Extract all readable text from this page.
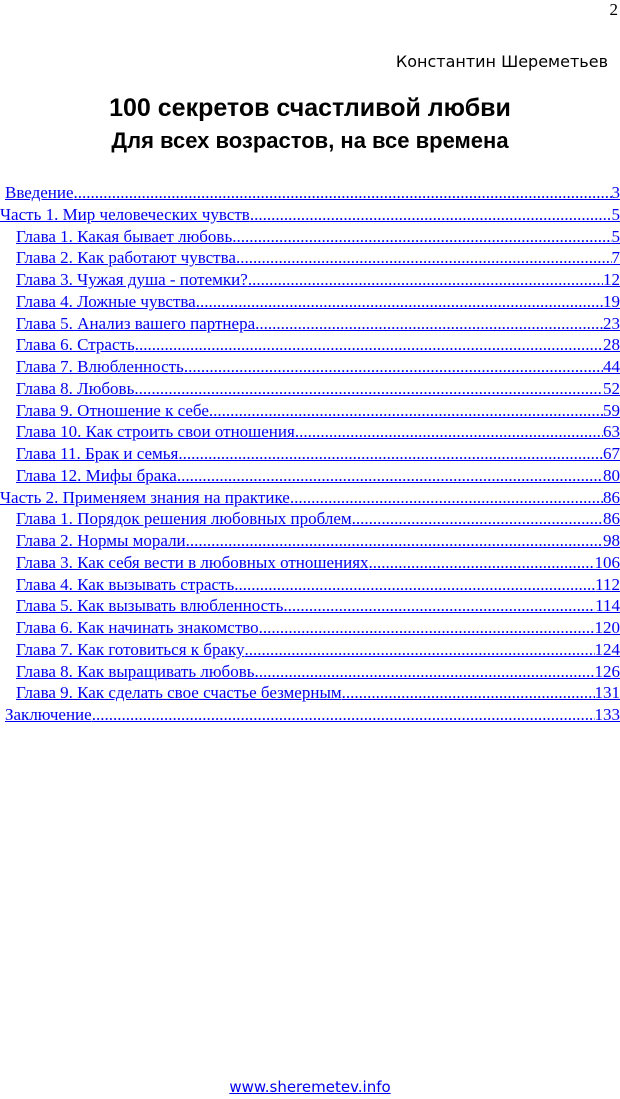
2
Константин Шереметьев
100 секретов счастливой любви
Для всех возрастов, на все времена
Введение .....	3
Часть 1. Мир человеческих чувств .....	5
Глава 1. Какая бывает любовь .....	5
Глава 2. Как работают чувства .....	7
Глава 3. Чужая душа - потемки? .....	12
Глава 4. Ложные чувства .....	19
Глава 5. Анализ вашего партнера .....	23
Глава 6. Страсть .....	28
Глава 7. Влюбленность .....	44
Глава 8. Любовь .....	52
Глава 9. Отношение к себе .....	59
Глава 10. Как строить свои отношения .....	63
Глава 11. Брак и семья .....	67
Глава 12. Мифы брака .....	80
Часть 2. Применяем знания на практике .....	86
Глава 1. Порядок решения любовных проблем .....	86
Глава 2. Нормы морали .....	98
Глава 3. Как себя вести в любовных отношениях .....	106
Глава 4. Как вызывать страсть .....	112
Глава 5. Как вызывать влюбленность .....	114
Глава 6. Как начинать знакомство .....	120
Глава 7. Как готовиться к браку .....	124
Глава 8. Как выращивать любовь .....	126
Глава 9. Как сделать свое счастье безмерным .....	131
Заключение .....	133
www.sheremetev.info
